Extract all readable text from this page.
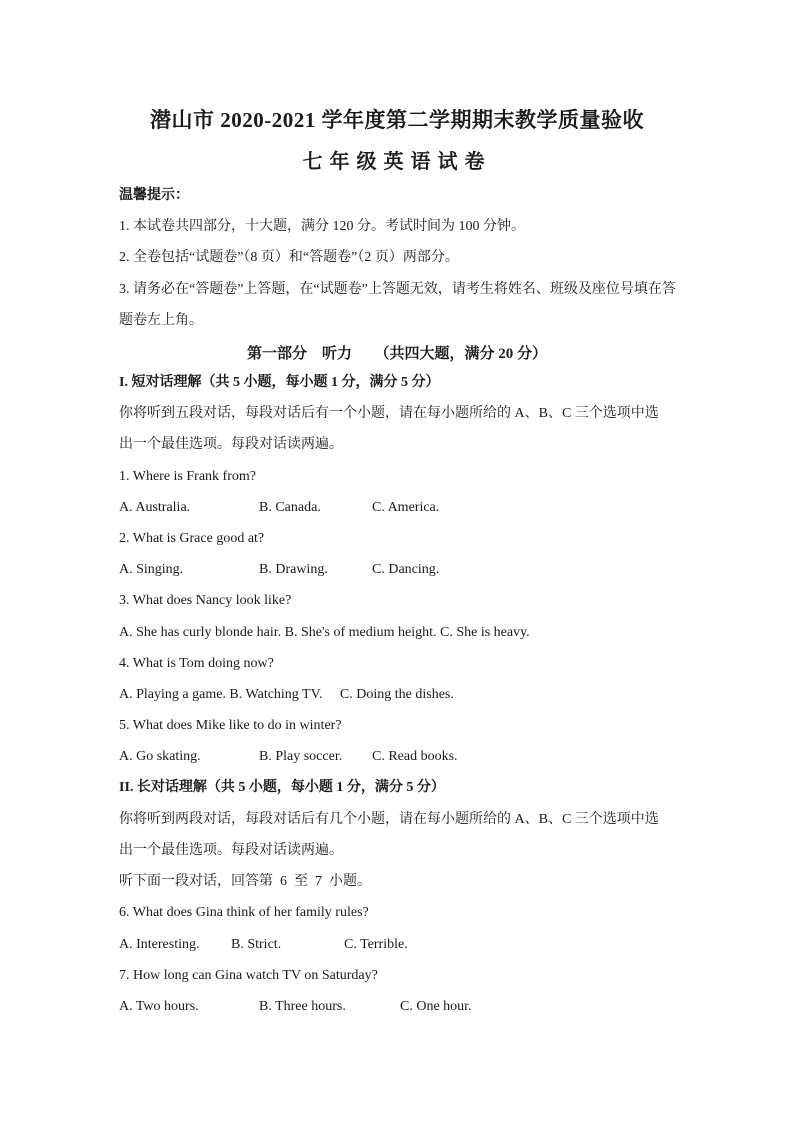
潜山市 2020-2021 学年度第二学期期末教学质量验收
七年级英语试卷
温馨提示：
1. 本试卷共四部分，十大题，满分 120 分。考试时间为 100 分钟。
2. 全卷包括“试题卷”（8 页）和“答题卷”（2 页）两部分。
3. 请务必在“答题卷”上答题，在“试题卷”上答题无效，请考生将姓名、班级及座位号填在答
题卷左上角。
第一部分    听力      （共四大题，满分 20 分）
I. 短对话理解（共 5 小题，每小题 1 分，满分 5 分）
你将听到五段对话，每段对话后有一个小题，请在每小题所给的 A、B、C 三个选项中选
出一个最佳选项。每段对话读两遍。
1. Where is Frank from?
A. Australia.	B. Canada.	C. America.
2. What is Grace good at?
A. Singing.	B. Drawing.	C. Dancing.
3. What does Nancy look like?
A. She has curly blonde hair. B. She's of medium height. C. She is heavy.
4. What is Tom doing now?
A. Playing a game. B. Watching TV.     C. Doing the dishes.
5. What does Mike like to do in winter?
A. Go skating.	B. Play soccer. C. Read books.
II. 长对话理解（共 5 小题，每小题 1 分，满分 5 分）
你将听到两段对话，每段对话后有几个小题，请在每小题所给的 A、B、C 三个选项中选
出一个最佳选项。每段对话读两遍。
听下面一段对话，回答第  6  至  7  小题。
6. What does Gina think of her family rules?
A. Interesting. B. Strict.	C. Terrible.
7. How long can Gina watch TV on Saturday?
A. Two hours.	B. Three hours.	C. One hour.
